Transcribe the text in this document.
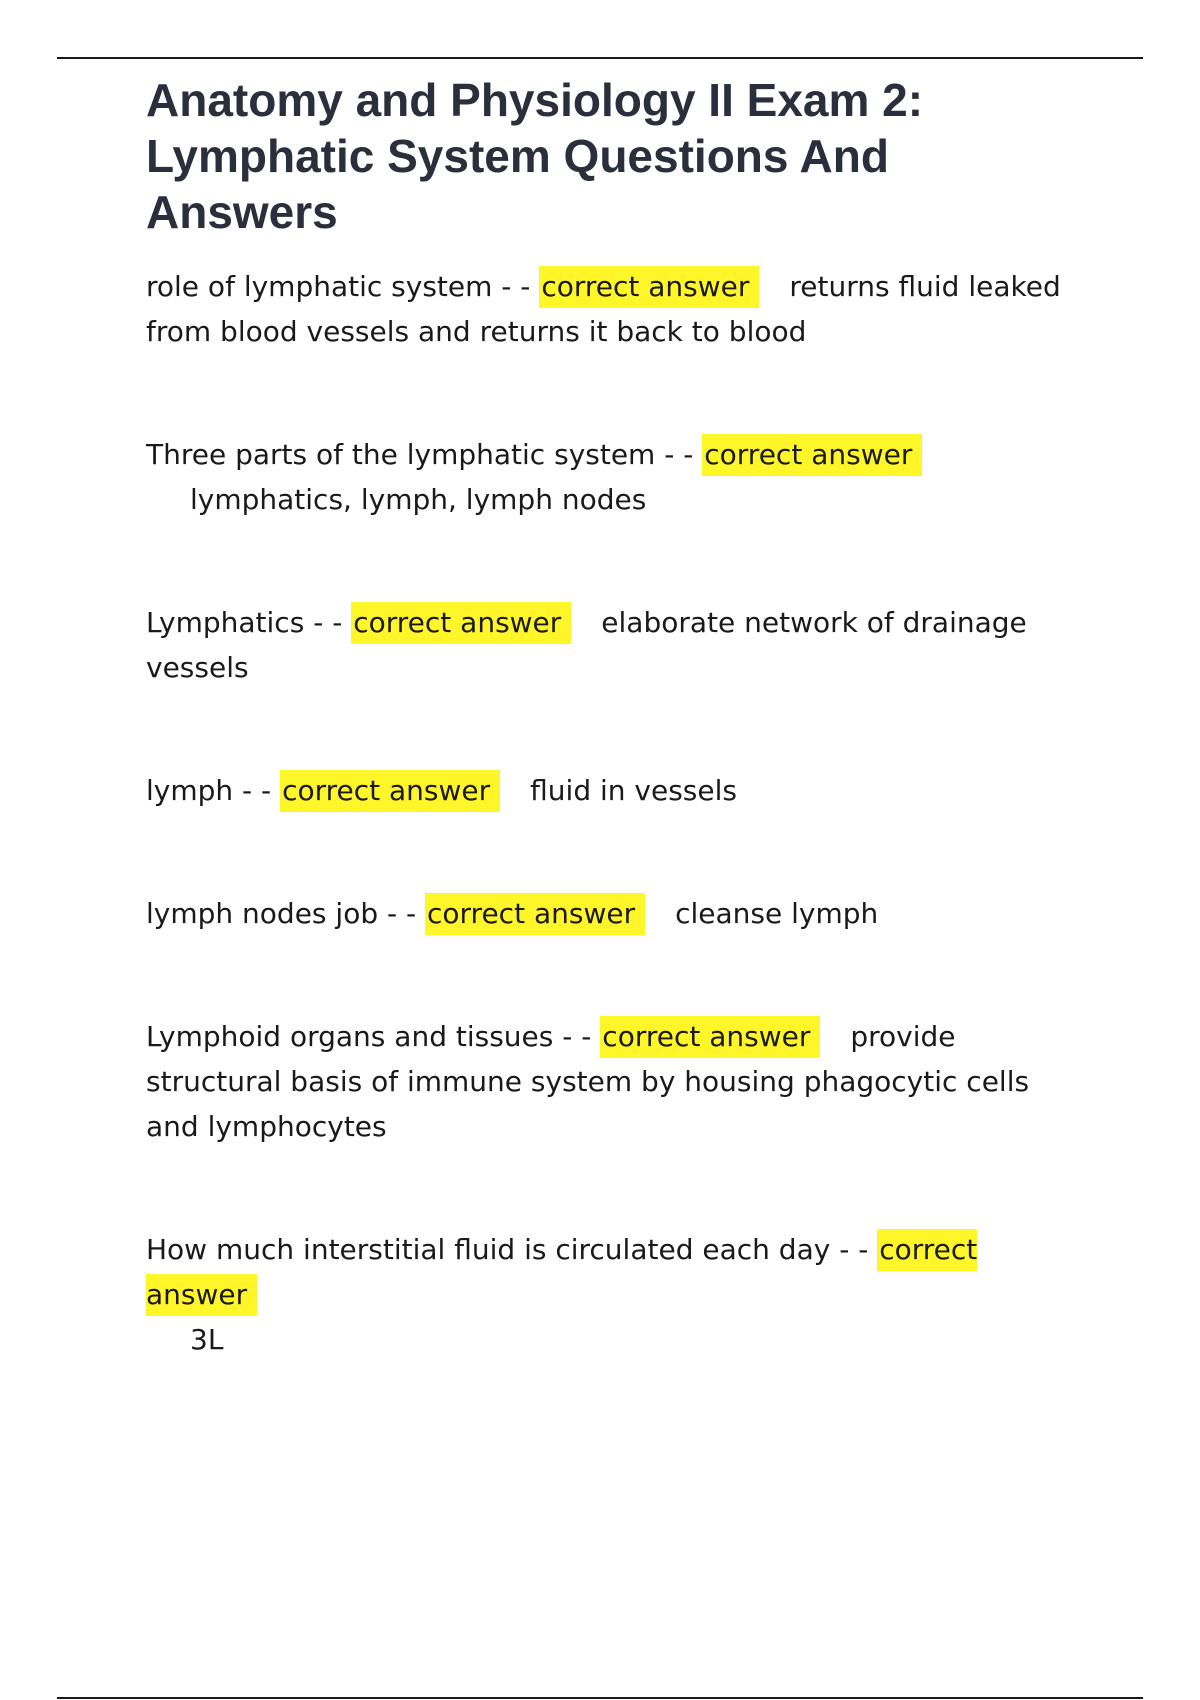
Anatomy and Physiology II Exam 2: Lymphatic System Questions And Answers

role of lymphatic system - - correct answer returns fluid leaked from blood vessels and returns it back to blood

Three parts of the lymphatic system - - correct answer
lymphatics, lymph, lymph nodes

Lymphatics - - correct answer elaborate network of drainage vessels

lymph - - correct answer fluid in vessels

lymph nodes job - - correct answer cleanse lymph

Lymphoid organs and tissues - - correct answer provide structural basis of immune system by housing phagocytic cells and lymphocytes

How much interstitial fluid is circulated each day - - correct answer
3L
